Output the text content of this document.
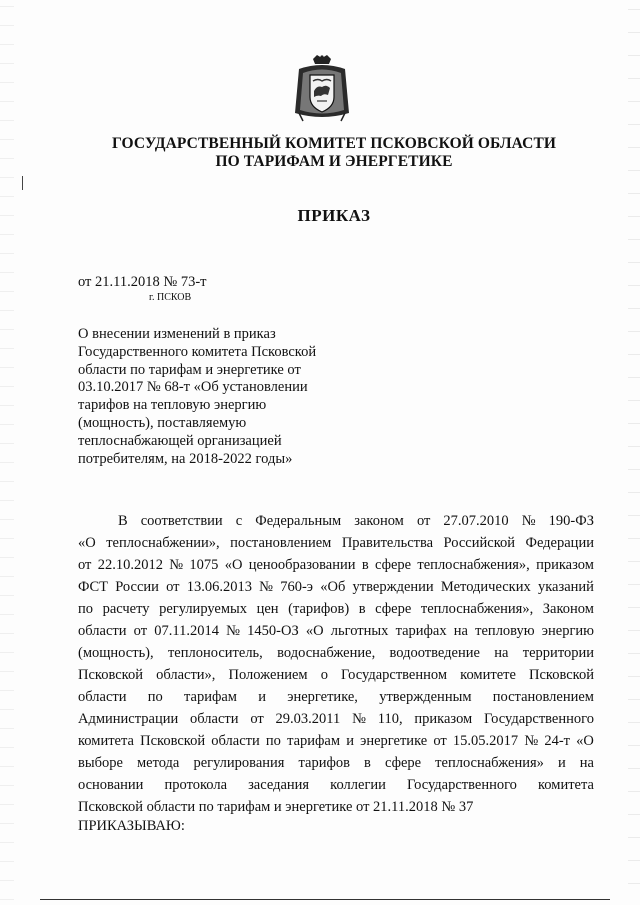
ГОСУДАРСТВЕННЫЙ КОМИТЕТ ПСКОВСКОЙ ОБЛАСТИ
ПО ТАРИФАМ И ЭНЕРГЕТИКЕ
ПРИКАЗ
от 21.11.2018 № 73-т
г. ПСКОВ
О внесении изменений в приказ
Государственного комитета Псковской
области по тарифам и энергетике от
03.10.2017 № 68-т «Об установлении
тарифов на тепловую энергию
(мощность), поставляемую
теплоснабжающей организацией
потребителям, на 2018-2022 годы»
В соответствии с Федеральным законом от 27.07.2010 № 190-ФЗ
«О теплоснабжении», постановлением Правительства Российской Федерации
от 22.10.2012 № 1075 «О ценообразовании в сфере теплоснабжения», приказом
ФСТ России от 13.06.2013 № 760-э «Об утверждении Методических указаний
по расчету регулируемых цен (тарифов) в сфере теплоснабжения», Законом
области от 07.11.2014 № 1450-ОЗ «О льготных тарифах на тепловую энергию
(мощность), теплоноситель, водоснабжение, водоотведение на территории
Псковской области», Положением о Государственном комитете Псковской
области по тарифам и энергетике, утвержденным постановлением
Администрации области от 29.03.2011 № 110, приказом Государственного
комитета Псковской области по тарифам и энергетике от 15.05.2017 № 24-т «О
выборе метода регулирования тарифов в сфере теплоснабжения» и на
основании протокола заседания коллегии Государственного комитета
Псковской области по тарифам и энергетике от 21.11.2018 № 37
ПРИКАЗЫВАЮ:
